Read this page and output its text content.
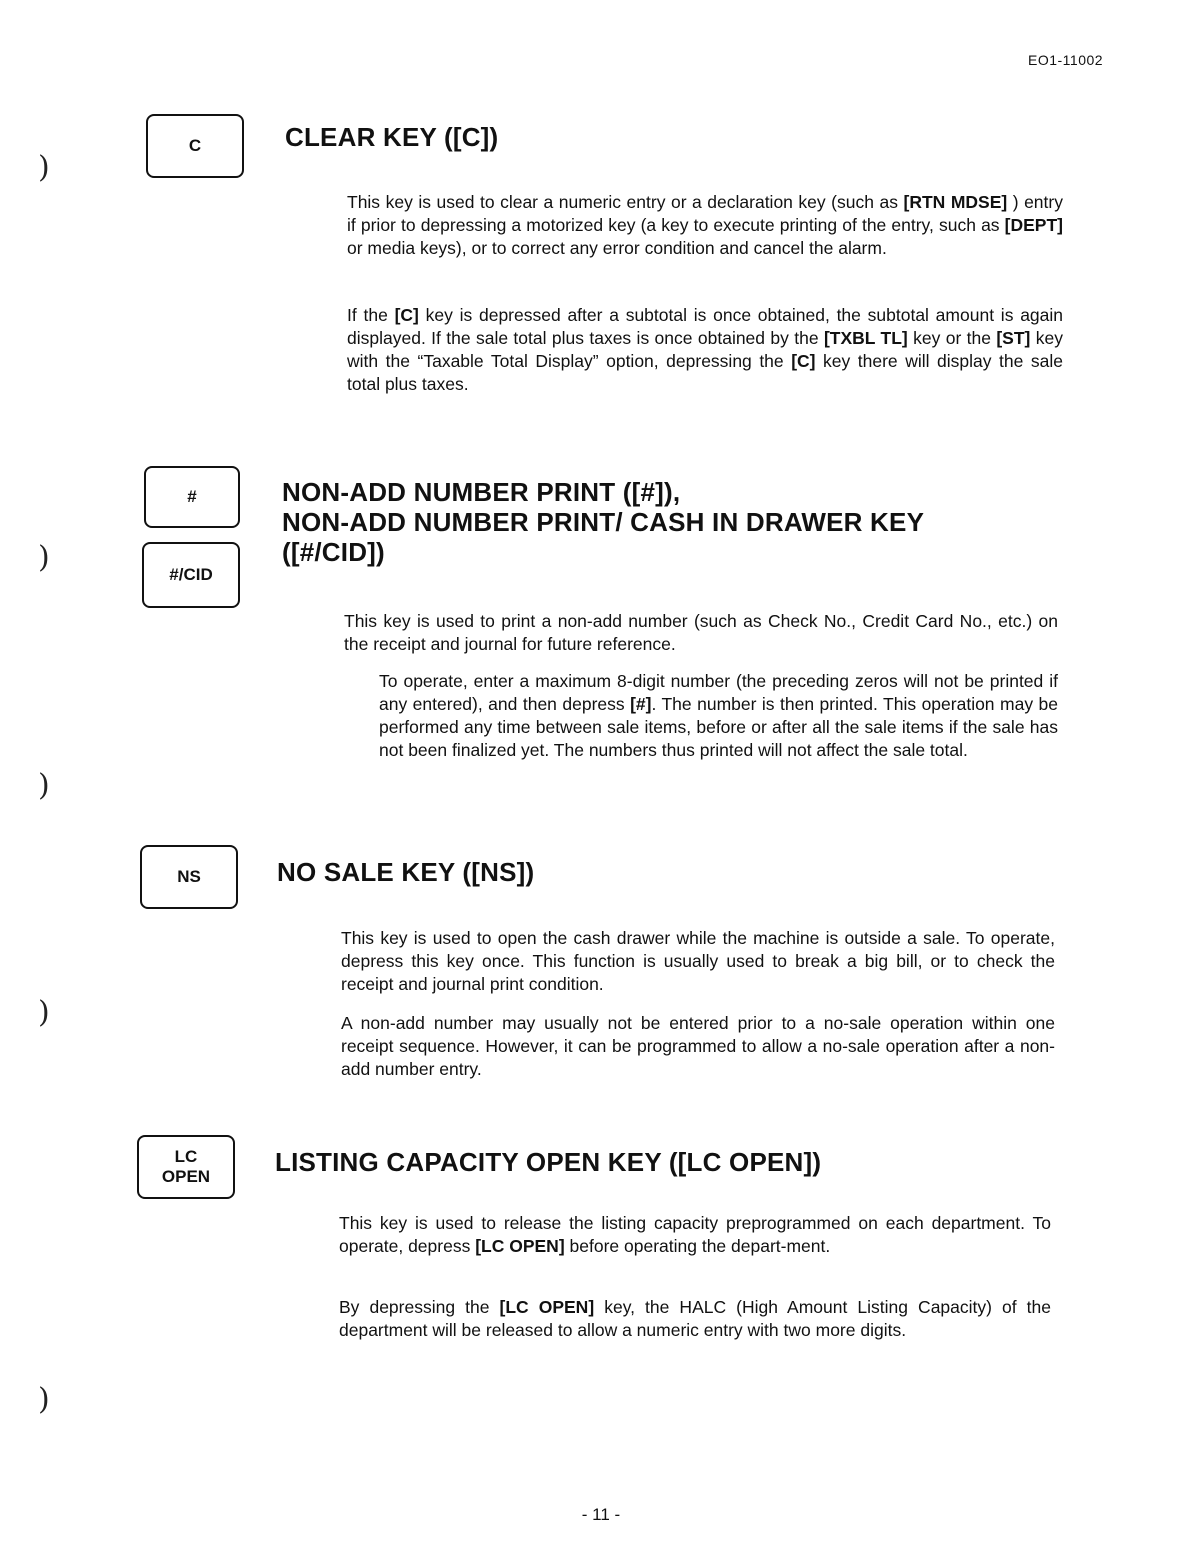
EO1-11002
)
)
)
)
)
C	CLEAR KEY ([C])

This key is used to clear a numeric entry or a declaration key (such as [RTN MDSE] ) entry if prior to depressing a motorized key (a key to execute printing of the entry, such as [DEPT] or media keys), or to correct any error condition and cancel the alarm.

If the [C] key is depressed after a subtotal is once obtained, the subtotal amount is again displayed. If the sale total plus taxes is once obtained by the [TXBL TL] key or the [ST] key with the “Taxable Total Display” option, depressing the [C] key there will display the sale total plus taxes.

#
#/CID
NON-ADD NUMBER PRINT ([#]),
NON-ADD NUMBER PRINT/ CASH IN DRAWER KEY
([#/CID])

This key is used to print a non-add number (such as Check No., Credit Card No., etc.) on the receipt and journal for future reference.

To operate, enter a maximum 8-digit number (the preceding zeros will not be printed if any entered), and then depress [#]. The number is then printed. This operation may be performed any time between sale items, before or after all the sale items if the sale has not been finalized yet. The numbers thus printed will not affect the sale total.

NS	NO SALE KEY ([NS])

This key is used to open the cash drawer while the machine is outside a sale. To operate, depress this key once. This function is usually used to break a big bill, or to check the receipt and journal print condition.

A non-add number may usually not be entered prior to a no-sale operation within one receipt sequence. However, it can be programmed to allow a no-sale operation after a non-add number entry.

LC
OPEN LISTING CAPACITY OPEN KEY ([LC OPEN])

This key is used to release the listing capacity preprogrammed on each department. To operate, depress [LC OPEN] before operating the depart-ment.

By depressing the [LC OPEN] key, the HALC (High Amount Listing Capacity) of the department will be released to allow a numeric entry with two more digits.

- 11 -
